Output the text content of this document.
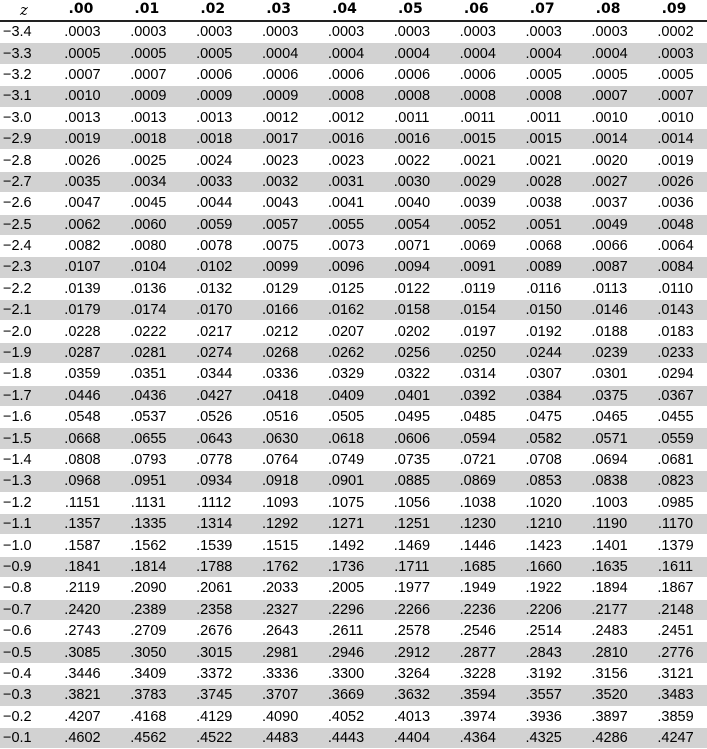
z	.00	.01	.02	.03	.04	.05	.06	.07	.08	.09
−3.4	.0003	.0003	.0003	.0003	.0003	.0003	.0003	.0003	.0003	.0002
−3.3	.0005	.0005	.0005	.0004	.0004	.0004	.0004	.0004	.0004	.0003
−3.2	.0007	.0007	.0006	.0006	.0006	.0006	.0006	.0005	.0005	.0005
−3.1	.0010	.0009	.0009	.0009	.0008	.0008	.0008	.0008	.0007	.0007
−3.0	.0013	.0013	.0013	.0012	.0012	.0011	.0011	.0011	.0010	.0010
−2.9	.0019	.0018	.0018	.0017	.0016	.0016	.0015	.0015	.0014	.0014
−2.8	.0026	.0025	.0024	.0023	.0023	.0022	.0021	.0021	.0020	.0019
−2.7	.0035	.0034	.0033	.0032	.0031	.0030	.0029	.0028	.0027	.0026
−2.6	.0047	.0045	.0044	.0043	.0041	.0040	.0039	.0038	.0037	.0036
−2.5	.0062	.0060	.0059	.0057	.0055	.0054	.0052	.0051	.0049	.0048
−2.4	.0082	.0080	.0078	.0075	.0073	.0071	.0069	.0068	.0066	.0064
−2.3	.0107	.0104	.0102	.0099	.0096	.0094	.0091	.0089	.0087	.0084
−2.2	.0139	.0136	.0132	.0129	.0125	.0122	.0119	.0116	.0113	.0110
−2.1	.0179	.0174	.0170	.0166	.0162	.0158	.0154	.0150	.0146	.0143
−2.0	.0228	.0222	.0217	.0212	.0207	.0202	.0197	.0192	.0188	.0183
−1.9	.0287	.0281	.0274	.0268	.0262	.0256	.0250	.0244	.0239	.0233
−1.8	.0359	.0351	.0344	.0336	.0329	.0322	.0314	.0307	.0301	.0294
−1.7	.0446	.0436	.0427	.0418	.0409	.0401	.0392	.0384	.0375	.0367
−1.6	.0548	.0537	.0526	.0516	.0505	.0495	.0485	.0475	.0465	.0455
−1.5	.0668	.0655	.0643	.0630	.0618	.0606	.0594	.0582	.0571	.0559
−1.4	.0808	.0793	.0778	.0764	.0749	.0735	.0721	.0708	.0694	.0681
−1.3	.0968	.0951	.0934	.0918	.0901	.0885	.0869	.0853	.0838	.0823
−1.2	.1151	.1131	.1112	.1093	.1075	.1056	.1038	.1020	.1003	.0985
−1.1	.1357	.1335	.1314	.1292	.1271	.1251	.1230	.1210	.1190	.1170
−1.0	.1587	.1562	.1539	.1515	.1492	.1469	.1446	.1423	.1401	.1379
−0.9	.1841	.1814	.1788	.1762	.1736	.1711	.1685	.1660	.1635	.1611
−0.8	.2119	.2090	.2061	.2033	.2005	.1977	.1949	.1922	.1894	.1867
−0.7	.2420	.2389	.2358	.2327	.2296	.2266	.2236	.2206	.2177	.2148
−0.6	.2743	.2709	.2676	.2643	.2611	.2578	.2546	.2514	.2483	.2451
−0.5	.3085	.3050	.3015	.2981	.2946	.2912	.2877	.2843	.2810	.2776
−0.4	.3446	.3409	.3372	.3336	.3300	.3264	.3228	.3192	.3156	.3121
−0.3	.3821	.3783	.3745	.3707	.3669	.3632	.3594	.3557	.3520	.3483
−0.2	.4207	.4168	.4129	.4090	.4052	.4013	.3974	.3936	.3897	.3859
−0.1	.4602	.4562	.4522	.4483	.4443	.4404	.4364	.4325	.4286	.4247
